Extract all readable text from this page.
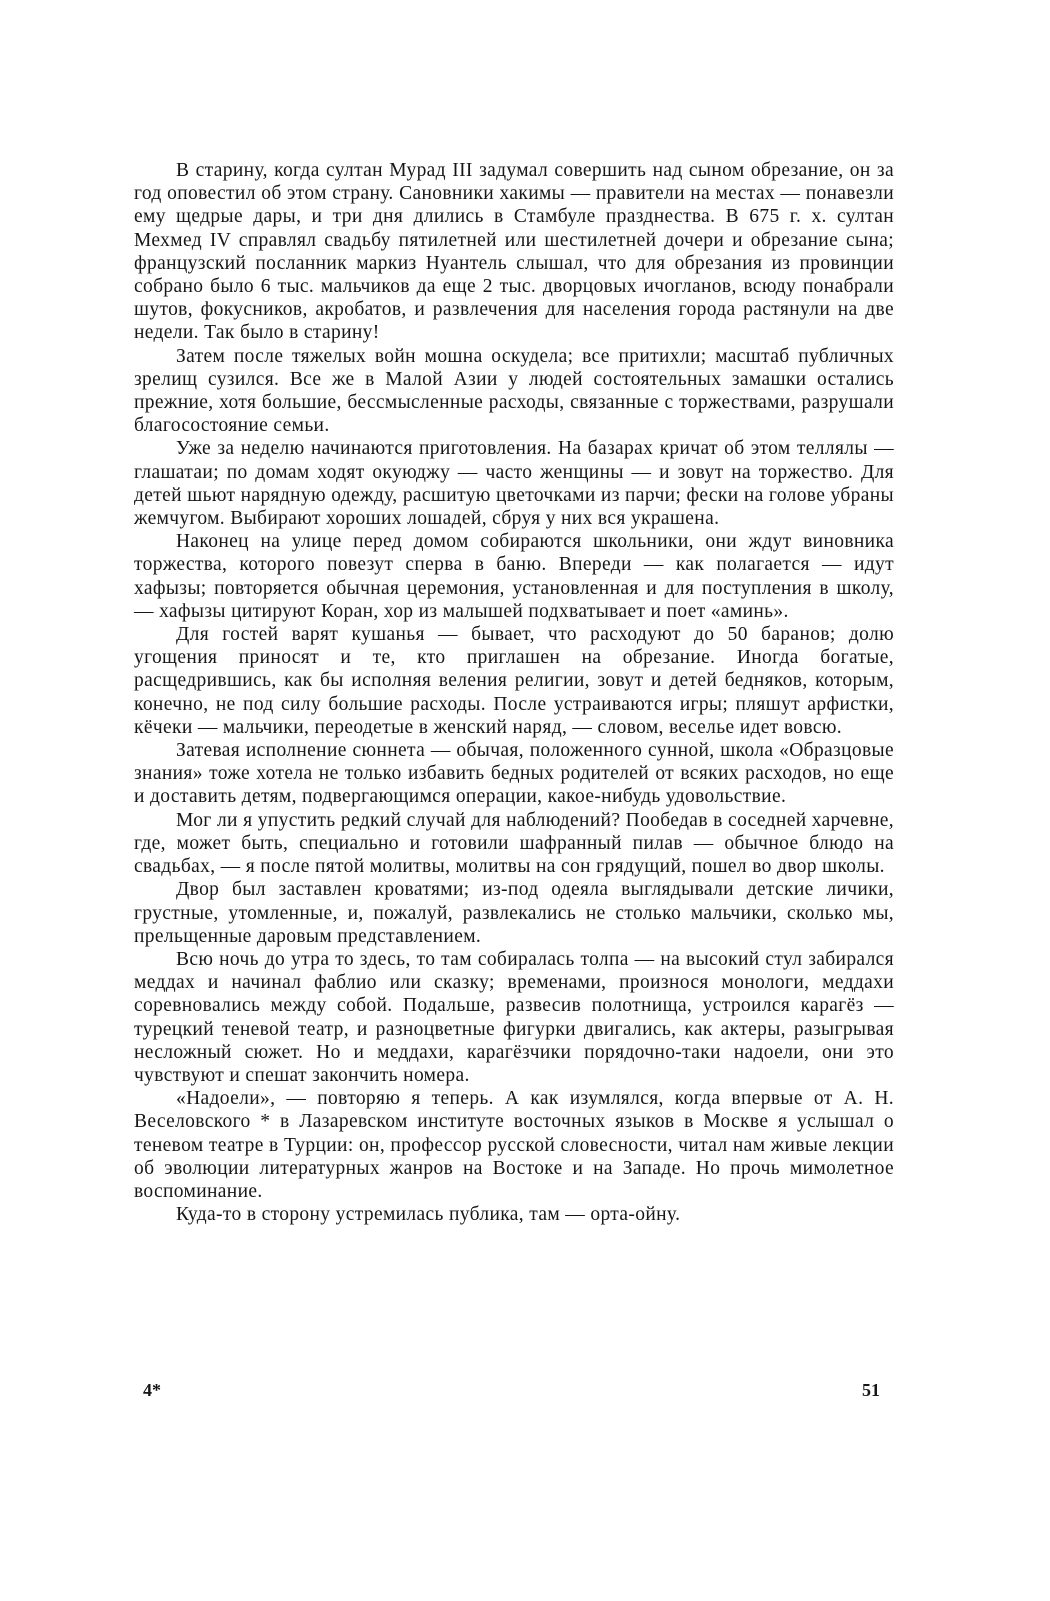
В старину, когда султан Мурад III задумал совершить над сыном обрезание, он за год оповестил об этом страну. Сановники хакимы — правители на местах — понавезли ему щедрые дары, и три дня длились в Стамбуле празднества. В 675 г. х. султан Мехмед IV справлял свадьбу пятилетней или шестилетней дочери и обрезание сына; французский посланник маркиз Нуантель слышал, что для обрезания из провинции собрано было 6 тыс. мальчиков да еще 2 тыс. дворцовых ичогланов, всюду понабрали шутов, фокусников, акробатов, и развлечения для населения города растянули на две недели. Так было в старину!

Затем после тяжелых войн мошна оскудела; все притихли; масштаб публичных зрелищ сузился. Все же в Малой Азии у людей состоятельных замашки остались прежние, хотя большие, бессмысленные расходы, связанные с торжествами, разрушали благосостояние семьи.

Уже за неделю начинаются приготовления. На базарах кричат об этом теллялы — глашатаи; по домам ходят окуюджу — часто женщины — и зовут на торжество. Для детей шьют нарядную одежду, расшитую цветочками из парчи; фески на голове убраны жемчугом. Выбирают хороших лошадей, сбруя у них вся украшена.

Наконец на улице перед домом собираются школьники, они ждут виновника торжества, которого повезут сперва в баню. Впереди — как полагается — идут хафызы; повторяется обычная церемония, установленная и для поступления в школу, — хафызы цитируют Коран, хор из малышей подхватывает и поет «аминь».

Для гостей варят кушанья — бывает, что расходуют до 50 баранов; долю угощения приносят и те, кто приглашен на обрезание. Иногда богатые, расщедрившись, как бы исполняя веления религии, зовут и детей бедняков, которым, конечно, не под силу большие расходы. После устраиваются игры; пляшут арфистки, кёчеки — мальчики, переодетые в женский наряд, — словом, веселье идет вовсю.

Затевая исполнение сюннета — обычая, положенного сунной, школа «Образцовые знания» тоже хотела не только избавить бедных родителей от всяких расходов, но еще и доставить детям, подвергающимся операции, какое-нибудь удовольствие.

Мог ли я упустить редкий случай для наблюдений? Пообедав в соседней харчевне, где, может быть, специально и готовили шафранный пилав — обычное блюдо на свадьбах, — я после пятой молитвы, молитвы на сон грядущий, пошел во двор школы.

Двор был заставлен кроватями; из-под одеяла выглядывали детские личики, грустные, утомленные, и, пожалуй, развлекались не столько мальчики, сколько мы, прельщенные даровым представлением.

Всю ночь до утра то здесь, то там собиралась толпа — на высокий стул забирался меддах и начинал фаблио или сказку; временами, произнося монологи, меддахи соревновались между собой. Подальше, развесив полотнища, устроился карагёз — турецкий теневой театр, и разноцветные фигурки двигались, как актеры, разыгрывая несложный сюжет. Но и меддахи, карагёзчики порядочно-таки надоели, они это чувствуют и спешат закончить номера.

«Надоели», — повторяю я теперь. А как изумлялся, когда впервые от А. Н. Веселовского * в Лазаревском институте восточных языков в Москве я услышал о теневом театре в Турции: он, профессор русской словесности, читал нам живые лекции об эволюции литературных жанров на Востоке и на Западе. Но прочь мимолетное воспоминание.

Куда-то в сторону устремилась публика, там — орта-ойну.

4*	51
